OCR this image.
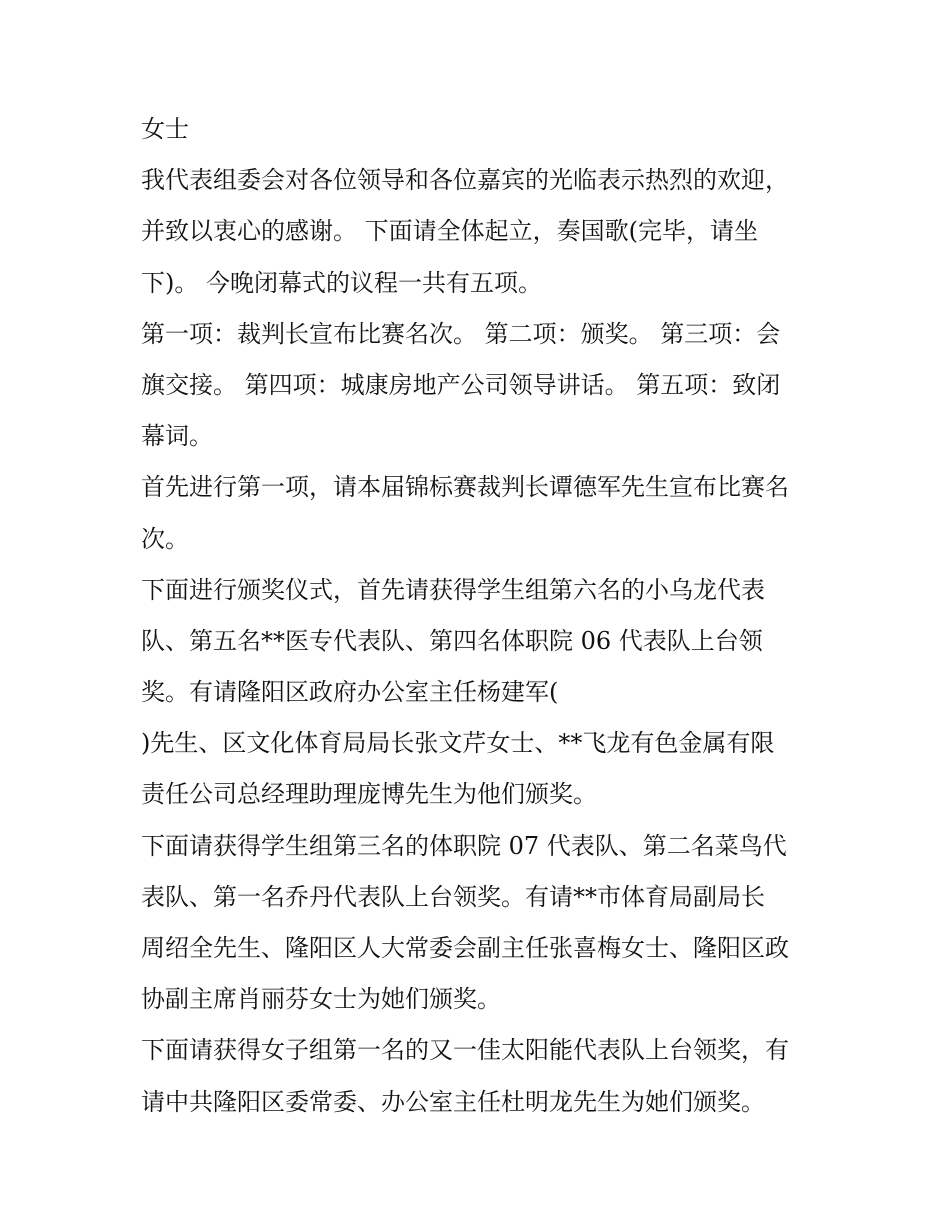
女士

我代表组委会对各位领导和各位嘉宾的光临表示热烈的欢迎，
并致以衷心的感谢。 下面请全体起立，奏国歌(完毕，请坐
下)。 今晚闭幕式的议程一共有五项。

第一项：裁判长宣布比赛名次。 第二项：颁奖。 第三项：会
旗交接。 第四项：城康房地产公司领导讲话。 第五项：致闭
幕词。

首先进行第一项，请本届锦标赛裁判长谭德军先生宣布比赛名
次。

下面进行颁奖仪式，首先请获得学生组第六名的小乌龙代表
队、第五名**医专代表队、第四名体职院 06 代表队上台领
奖。有请隆阳区政府办公室主任杨建军(
)先生、区文化体育局局长张文芹女士、**飞龙有色金属有限
责任公司总经理助理庞博先生为他们颁奖。

下面请获得学生组第三名的体职院 07 代表队、第二名菜鸟代
表队、第一名乔丹代表队上台领奖。有请**市体育局副局长
周绍全先生、隆阳区人大常委会副主任张喜梅女士、隆阳区政
协副主席肖丽芬女士为她们颁奖。

下面请获得女子组第一名的又一佳太阳能代表队上台领奖，有
请中共隆阳区委常委、办公室主任杜明龙先生为她们颁奖。
